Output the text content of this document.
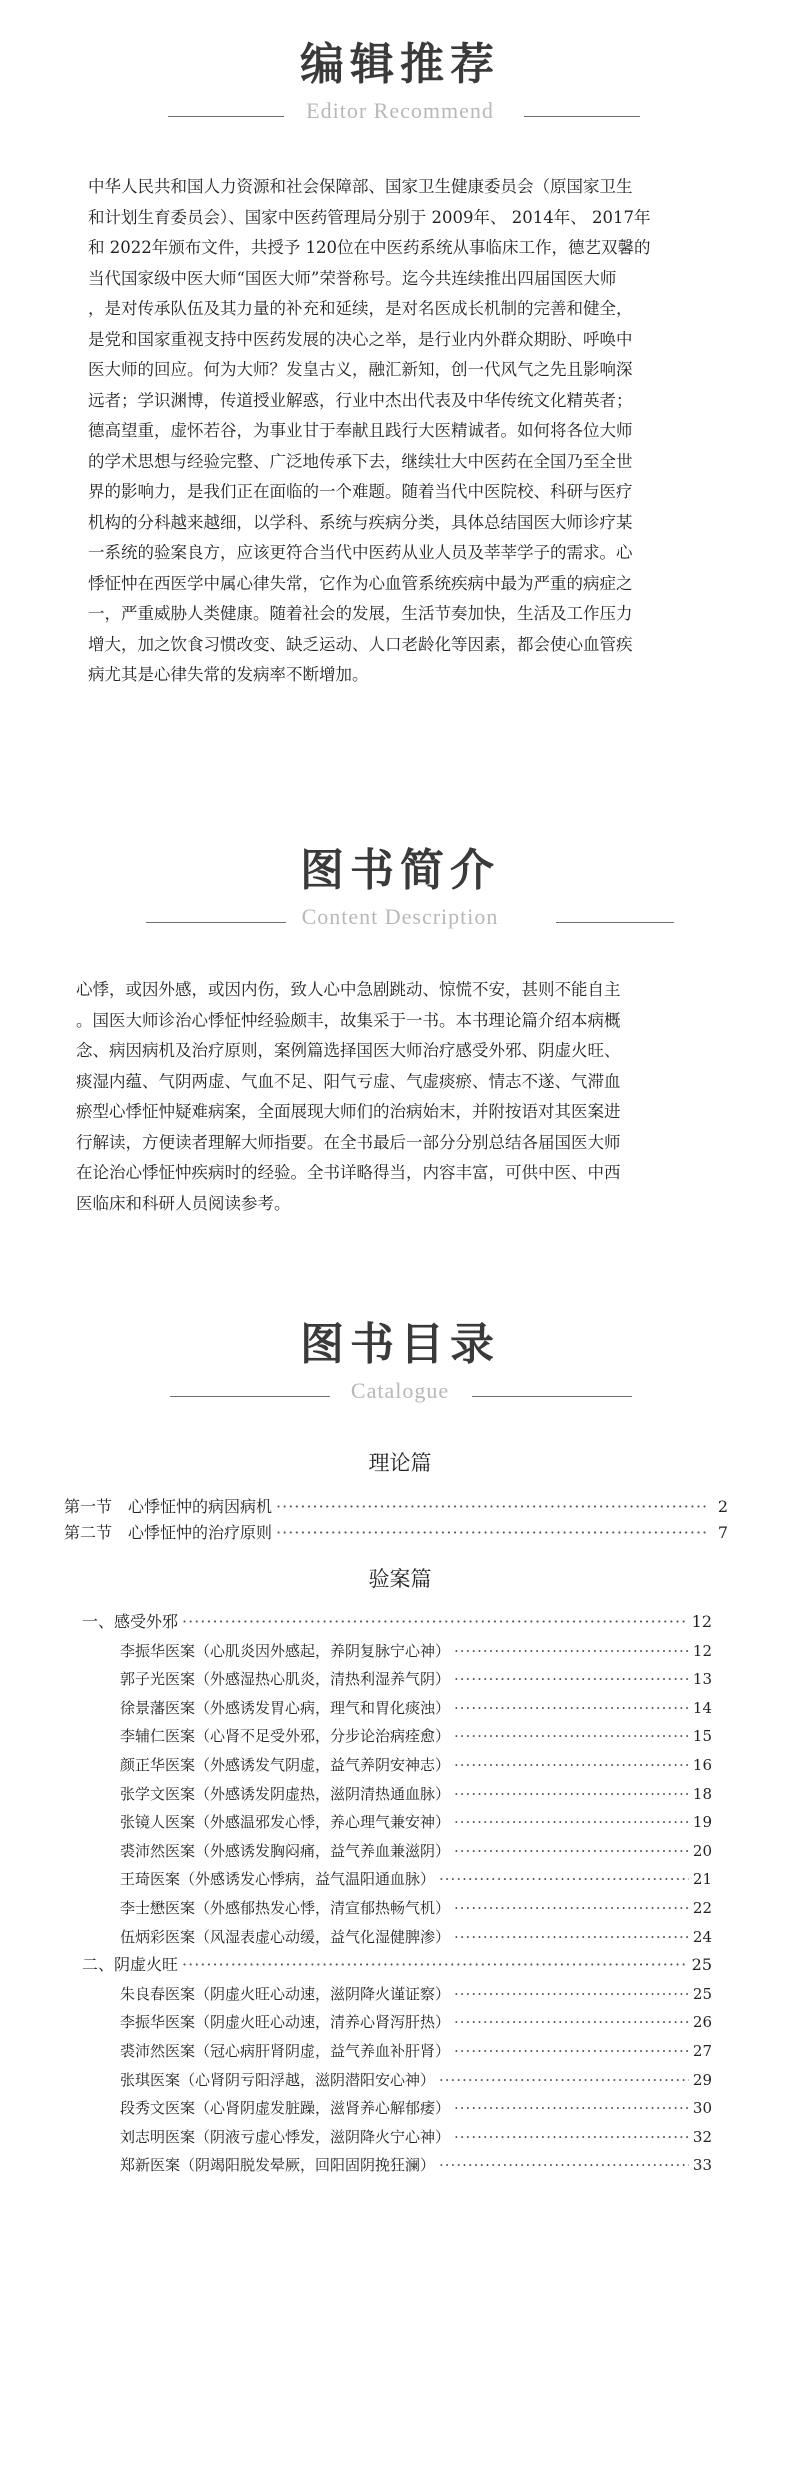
编辑推荐
Editor Recommend
中华人民共和国人力资源和社会保障部、国家卫生健康委员会（原国家卫生
和计划生育委员会）、国家中医药管理局分别于 2009年、 2014年、 2017年
和 2022年颁布文件，共授予 120位在中医药系统从事临床工作，德艺双馨的
当代国家级中医大师“国医大师”荣誉称号。迄今共连续推出四届国医大师
，是对传承队伍及其力量的补充和延续，是对名医成长机制的完善和健全，
是党和国家重视支持中医药发展的决心之举，是行业内外群众期盼、呼唤中
医大师的回应。何为大师？发皇古义，融汇新知，创一代风气之先且影响深
远者；学识渊博，传道授业解惑，行业中杰出代表及中华传统文化精英者；
德高望重，虚怀若谷，为事业甘于奉献且践行大医精诚者。如何将各位大师
的学术思想与经验完整、广泛地传承下去，继续壮大中医药在全国乃至全世
界的影响力，是我们正在面临的一个难题。随着当代中医院校、科研与医疗
机构的分科越来越细，以学科、系统与疾病分类，具体总结国医大师诊疗某
一系统的验案良方，应该更符合当代中医药从业人员及莘莘学子的需求。心
悸怔忡在西医学中属心律失常，它作为心血管系统疾病中最为严重的病症之
一，严重威胁人类健康。随着社会的发展，生活节奏加快，生活及工作压力
增大，加之饮食习惯改变、缺乏运动、人口老龄化等因素，都会使心血管疾
病尤其是心律失常的发病率不断增加。
图书简介
Content Description
心悸，或因外感，或因内伤，致人心中急剧跳动、惊慌不安，甚则不能自主
。国医大师诊治心悸怔忡经验颇丰，故集采于一书。本书理论篇介绍本病概
念、病因病机及治疗原则，案例篇选择国医大师治疗感受外邪、阴虚火旺、
痰湿内蕴、气阴两虚、气血不足、阳气亏虚、气虚痰瘀、情志不遂、气滞血
瘀型心悸怔忡疑难病案，全面展现大师们的治病始末，并附按语对其医案进
行解读，方便读者理解大师指要。在全书最后一部分分别总结各届国医大师
在论治心悸怔忡疾病时的经验。全书详略得当，内容丰富，可供中医、中西
医临床和科研人员阅读参考。
图书目录
Catalogue
理论篇
第一节　心悸怔忡的病因病机 ·····	2
第二节　心悸怔忡的治疗原则 ·····	7
验案篇
一、感受外邪 ·····	12
李振华医案（心肌炎因外感起，养阴复脉宁心神） ·····	12
郭子光医案（外感湿热心肌炎，清热利湿养气阴） ·····	13
徐景藩医案（外感诱发胃心病，理气和胃化痰浊） ·····	14
李辅仁医案（心肾不足受外邪，分步论治病痊愈） ·····	15
颜正华医案（外感诱发气阴虚，益气养阴安神志） ·····	16
张学文医案（外感诱发阴虚热，滋阴清热通血脉） ·····	18
张镜人医案（外感温邪发心悸，养心理气兼安神） ·····	19
裘沛然医案（外感诱发胸闷痛，益气养血兼滋阴） ·····	20
王琦医案（外感诱发心悸病，益气温阳通血脉） ·····	21
李士懋医案（外感郁热发心悸，清宣郁热畅气机） ·····	22
伍炳彩医案（风湿表虚心动缓，益气化湿健脾渗） ·····	24
二、阴虚火旺 ·····	25
朱良春医案（阴虚火旺心动速，滋阴降火谨证察） ·····	25
李振华医案（阴虚火旺心动速，清养心肾泻肝热） ·····	26
裘沛然医案（冠心病肝肾阴虚，益气养血补肝肾） ·····	27
张琪医案（心肾阴亏阳浮越，滋阴潜阳安心神） ·····	29
段秀文医案（心肾阴虚发脏躁，滋肾养心解郁痿） ·····	30
刘志明医案（阴液亏虚心悸发，滋阴降火宁心神） ·····	32
郑新医案（阴竭阳脱发晕厥，回阳固阴挽狂澜） ·····	33
